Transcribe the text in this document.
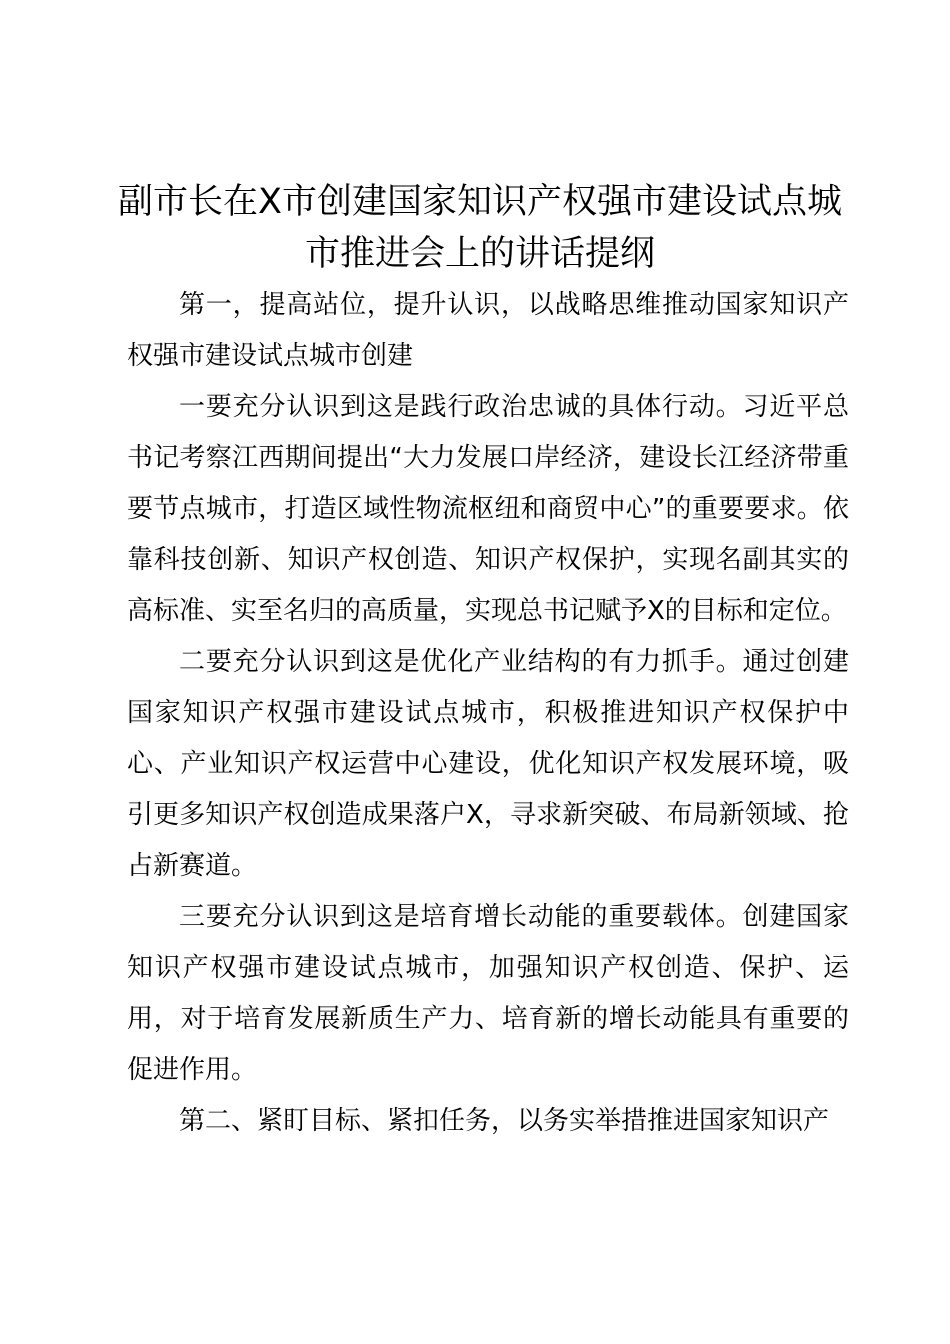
副市长在X市创建国家知识产权强市建设试点城市推进会上的讲话提纲

第一，提高站位，提升认识，以战略思维推动国家知识产权强市建设试点城市创建

一要充分认识到这是践行政治忠诚的具体行动。习近平总书记考察江西期间提出“大力发展口岸经济，建设长江经济带重要节点城市，打造区域性物流枢纽和商贸中心”的重要要求。依靠科技创新、知识产权创造、知识产权保护，实现名副其实的高标准、实至名归的高质量，实现总书记赋予X的目标和定位。

二要充分认识到这是优化产业结构的有力抓手。通过创建国家知识产权强市建设试点城市，积极推进知识产权保护中心、产业知识产权运营中心建设，优化知识产权发展环境，吸引更多知识产权创造成果落户X，寻求新突破、布局新领域、抢占新赛道。

三要充分认识到这是培育增长动能的重要载体。创建国家知识产权强市建设试点城市，加强知识产权创造、保护、运用，对于培育发展新质生产力、培育新的增长动能具有重要的促进作用。

第二、紧盯目标、紧扣任务，以务实举措推进国家知识产
